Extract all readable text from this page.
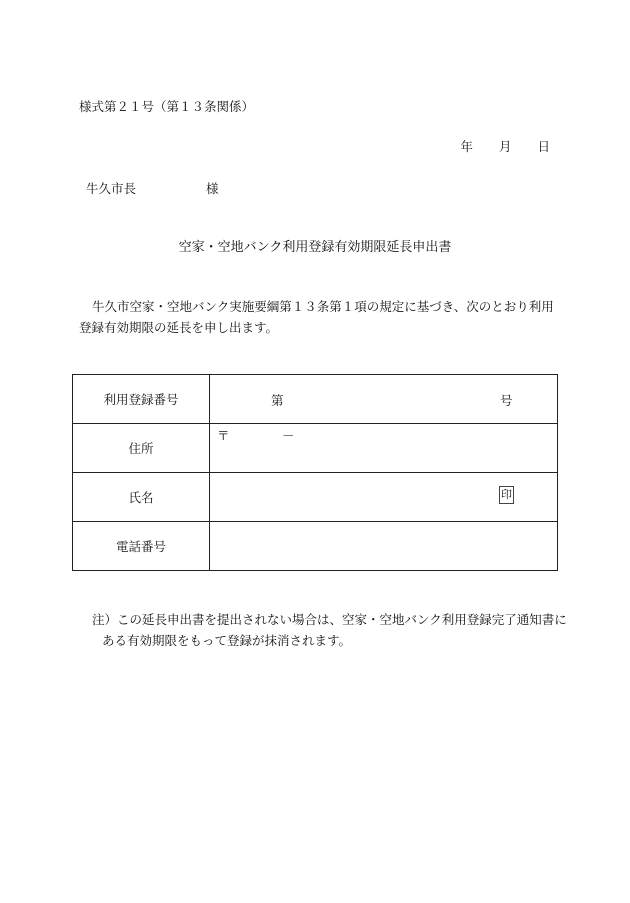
様式第２１号（第１３条関係）
年 月 日
牛久市長	様
空家・空地バンク利用登録有効期限延長申出書
牛久市空家・空地バンク実施要綱第１３条第１項の規定に基づき、次のとおり利用登録有効期限の延長を申し出ます。
利用登録番号	第 号

住所	〒 －

氏名	印

電話番号	
注）この延長申出書を提出されない場合は、空家・空地バンク利用登録完了通知書に
ある有効期限をもって登録が抹消されます。
